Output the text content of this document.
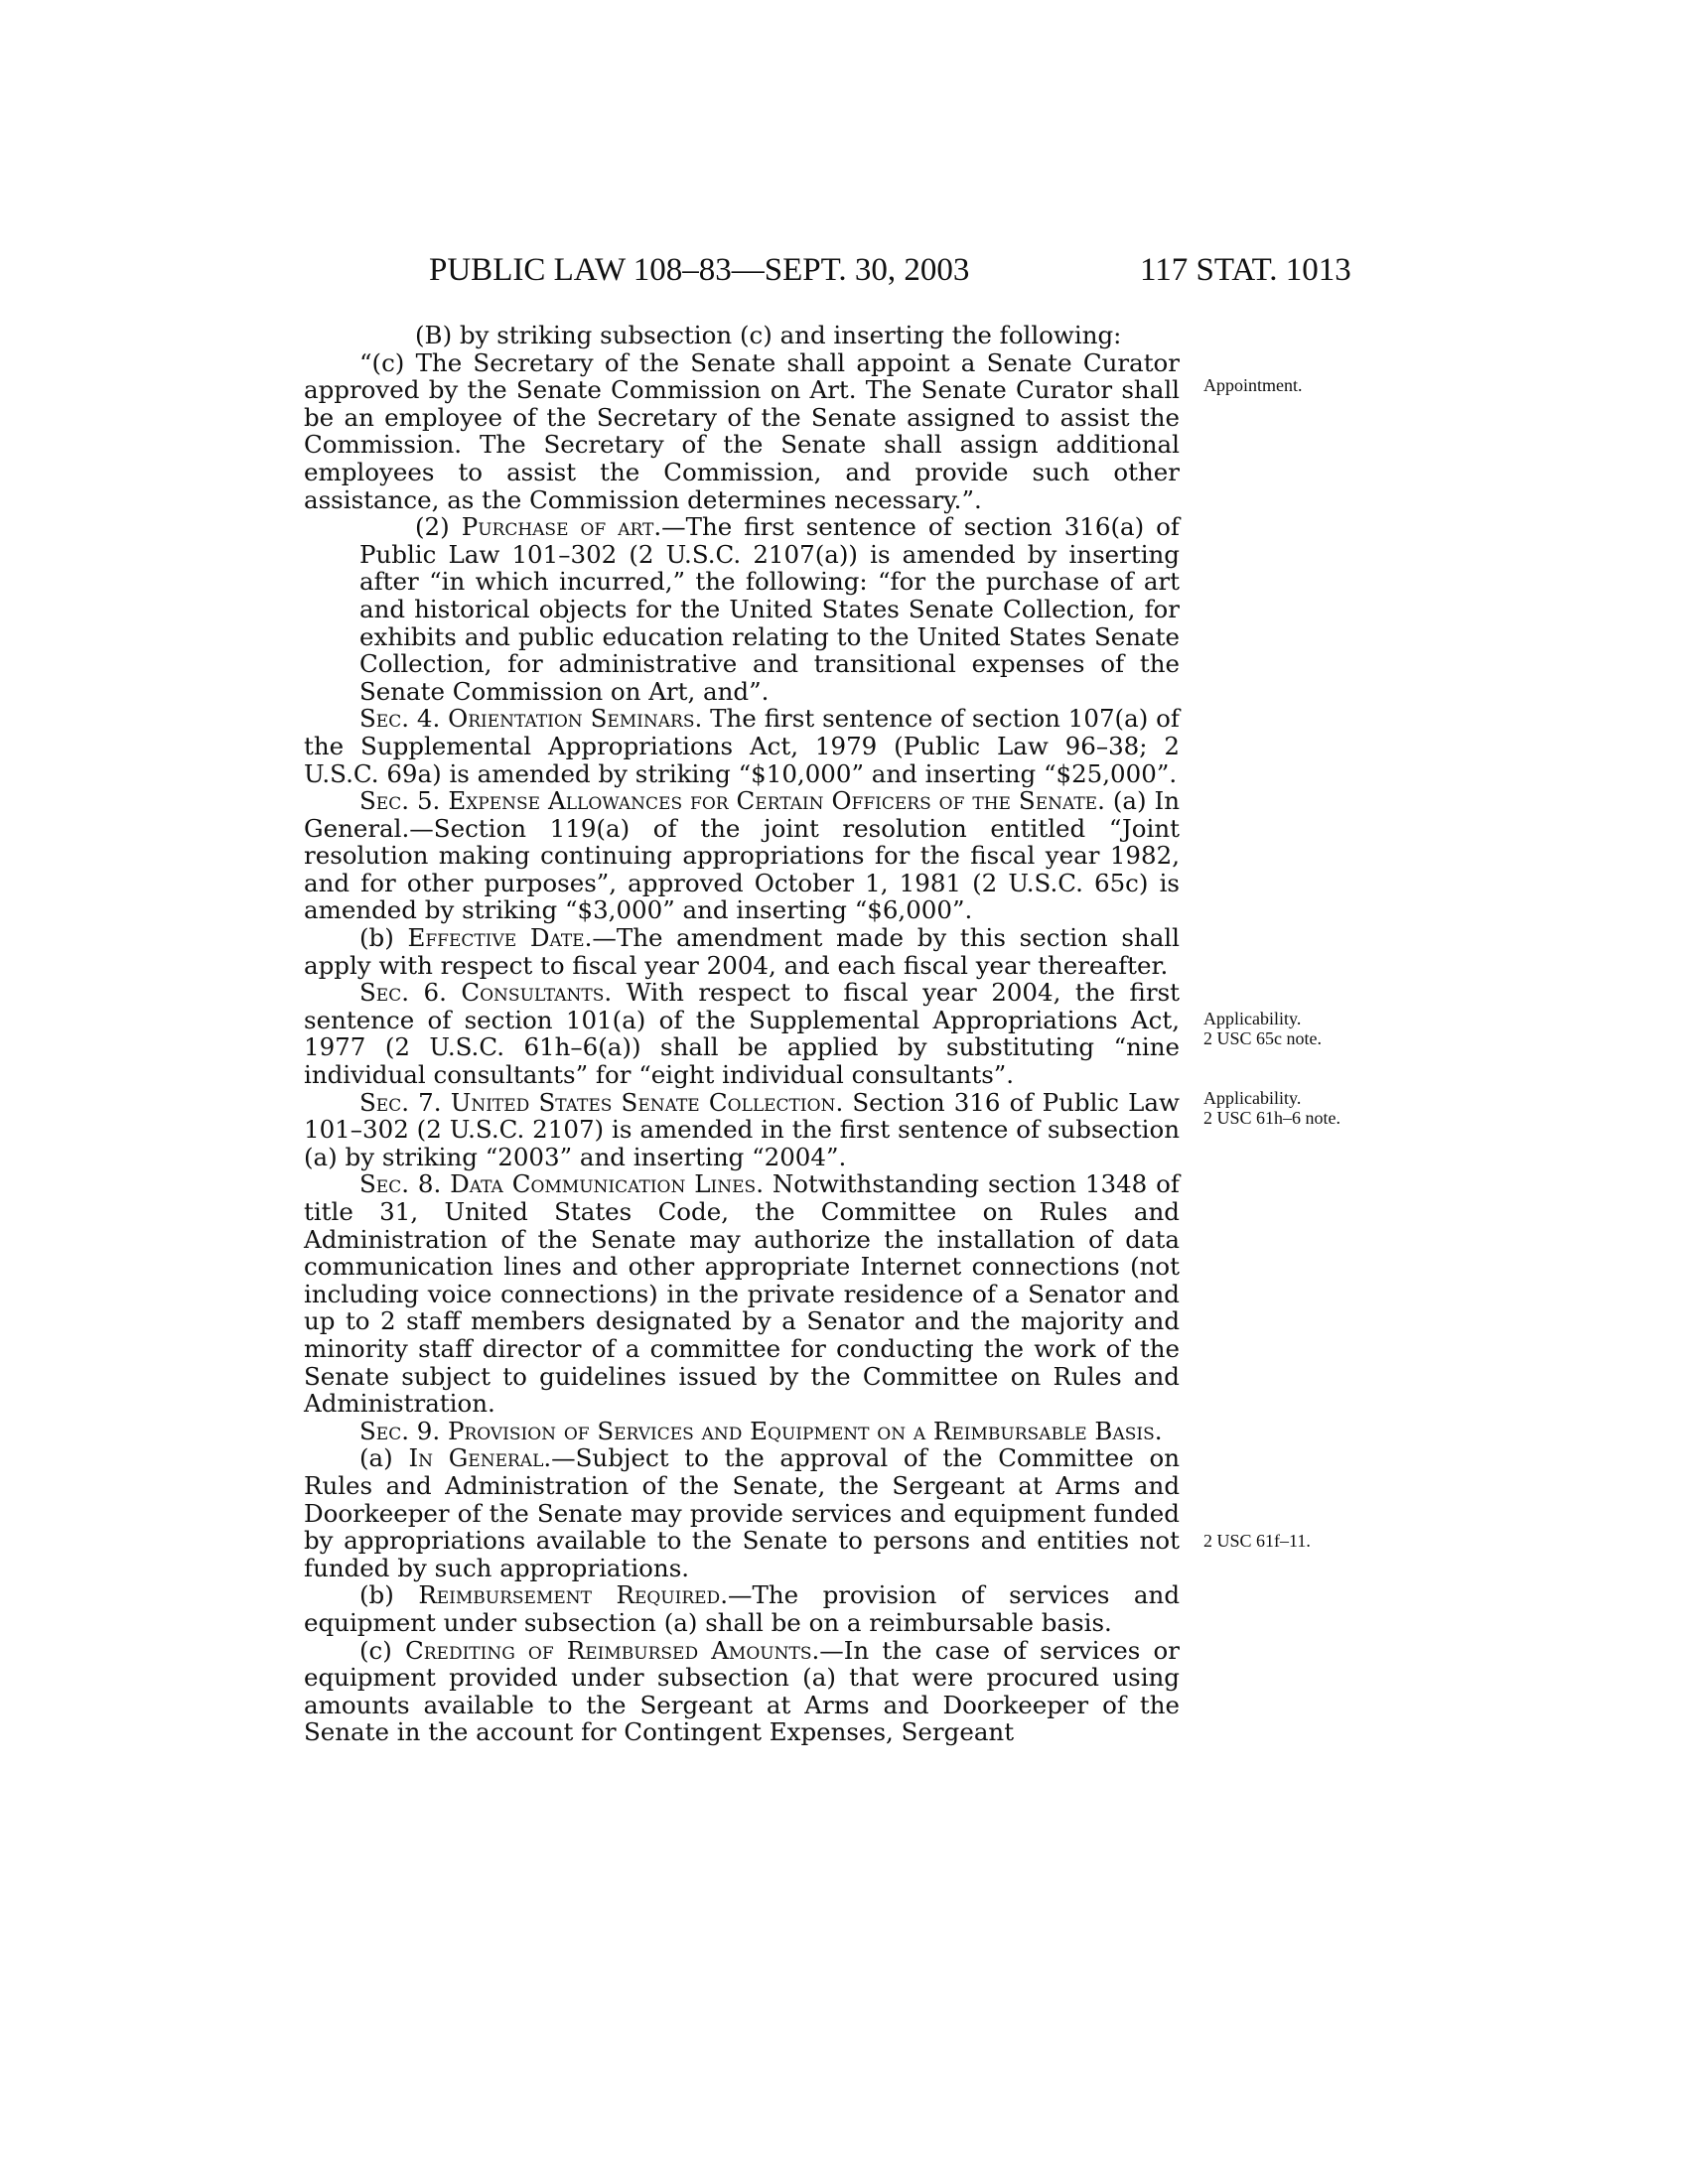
PUBLIC LAW 108–83—SEPT. 30, 2003	117 STAT. 1013

(B) by striking subsection (c) and inserting the following:

“(c) The Secretary of the Senate shall appoint a Senate Curator approved by the Senate Commission on Art. The Senate Curator shall be an employee of the Secretary of the Senate assigned to assist the Commission. The Secretary of the Senate shall assign additional employees to assist the Commission, and provide such other assistance, as the Commission determines necessary.”.

(2) Purchase of art.—The first sentence of section 316(a) of Public Law 101–302 (2 U.S.C. 2107(a)) is amended by inserting after “in which incurred,” the following: “for the purchase of art and historical objects for the United States Senate Collection, for exhibits and public education relating to the United States Senate Collection, for administrative and transitional expenses of the Senate Commission on Art, and”.

Sec. 4. Orientation Seminars. The first sentence of section 107(a) of the Supplemental Appropriations Act, 1979 (Public Law 96–38; 2 U.S.C. 69a) is amended by striking “$10,000” and inserting “$25,000”.

Sec. 5. Expense Allowances for Certain Officers of the Senate. (a) In General.—Section 119(a) of the joint resolution entitled “Joint resolution making continuing appropriations for the fiscal year 1982, and for other purposes”, approved October 1, 1981 (2 U.S.C. 65c) is amended by striking “$3,000” and inserting “$6,000”.

(b) Effective Date.—The amendment made by this section shall apply with respect to fiscal year 2004, and each fiscal year thereafter.

Sec. 6. Consultants. With respect to fiscal year 2004, the first sentence of section 101(a) of the Supplemental Appropriations Act, 1977 (2 U.S.C. 61h–6(a)) shall be applied by substituting “nine individual consultants” for “eight individual consultants”.

Sec. 7. United States Senate Collection. Section 316 of Public Law 101–302 (2 U.S.C. 2107) is amended in the first sentence of subsection (a) by striking “2003” and inserting “2004”.

Sec. 8. Data Communication Lines. Notwithstanding section 1348 of title 31, United States Code, the Committee on Rules and Administration of the Senate may authorize the installation of data communication lines and other appropriate Internet connections (not including voice connections) in the private residence of a Senator and up to 2 staff members designated by a Senator and the majority and minority staff director of a committee for conducting the work of the Senate subject to guidelines issued by the Committee on Rules and Administration.

Sec. 9. Provision of Services and Equipment on a Reimbursable Basis.

(a) In General.—Subject to the approval of the Committee on Rules and Administration of the Senate, the Sergeant at Arms and Doorkeeper of the Senate may provide services and equipment funded by appropriations available to the Senate to persons and entities not funded by such appropriations.

(b) Reimbursement Required.—The provision of services and equipment under subsection (a) shall be on a reimbursable basis.

(c) Crediting of Reimbursed Amounts.—In the case of services or equipment provided under subsection (a) that were procured using amounts available to the Sergeant at Arms and Doorkeeper of the Senate in the account for Contingent Expenses, Sergeant

Appointment.
Applicability.
2 USC 65c note.
Applicability.
2 USC 61h–6 note.
2 USC 61f–11.
